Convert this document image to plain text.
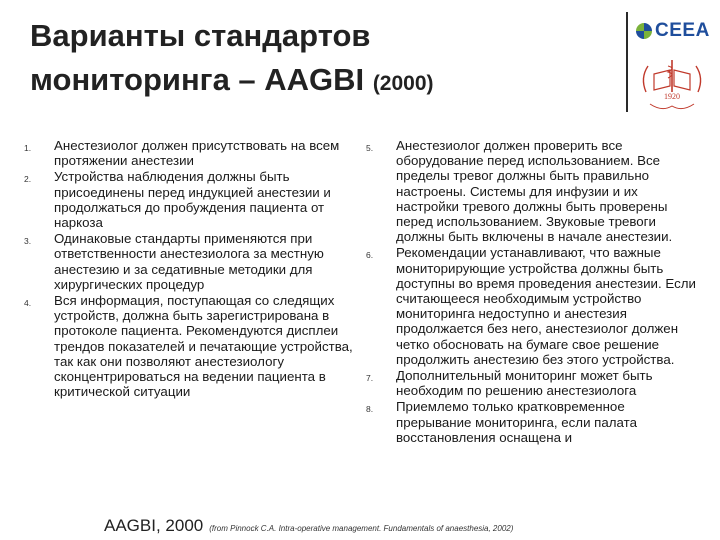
Варианты стандартов
мониторинга – AAGBI (2000)
CEEA
1920
1. Анестезиолог должен присутствовать на всем протяжении анестезии
2. Устройства наблюдения должны быть присоединены перед индукцией анестезии и продолжаться до пробуждения пациента от наркоза
3. Одинаковые стандарты применяются при ответственности анестезиолога за местную анестезию и за седативные методики для хирургических процедур
4. Вся информация, поступающая со следящих устройств, должна быть зарегистрирована в протоколе пациента. Рекомендуются дисплеи трендов показателей и печатающие устройства, так как они позволяют анестезиологу сконцентрироваться на ведении пациента в критической ситуации
5. Анестезиолог должен проверить все оборудование перед использованием. Все пределы тревог должны быть правильно настроены. Системы для инфузии и их настройки тревого должны быть проверены перед использованием. Звуковые тревоги должны быть включены в начале анестезии.
6. Рекомендации устанавливают, что важные мониторирующие устройства должны быть доступны во время проведения анестезии. Если считающееся необходимым устройство мониторинга недоступно и анестезия продолжается без него, анестезиолог должен четко обосновать на бумаге свое решение продолжить анестезию без этого устройства.
7. Дополнительный мониторинг может быть необходим по решению анестезиолога
8. Приемлемо только кратковременное прерывание мониторинга, если палата восстановления оснащена и
AAGBI, 2000 (from Pinnock C.A. Intra-operative management. Fundamentals of anaesthesia, 2002)
